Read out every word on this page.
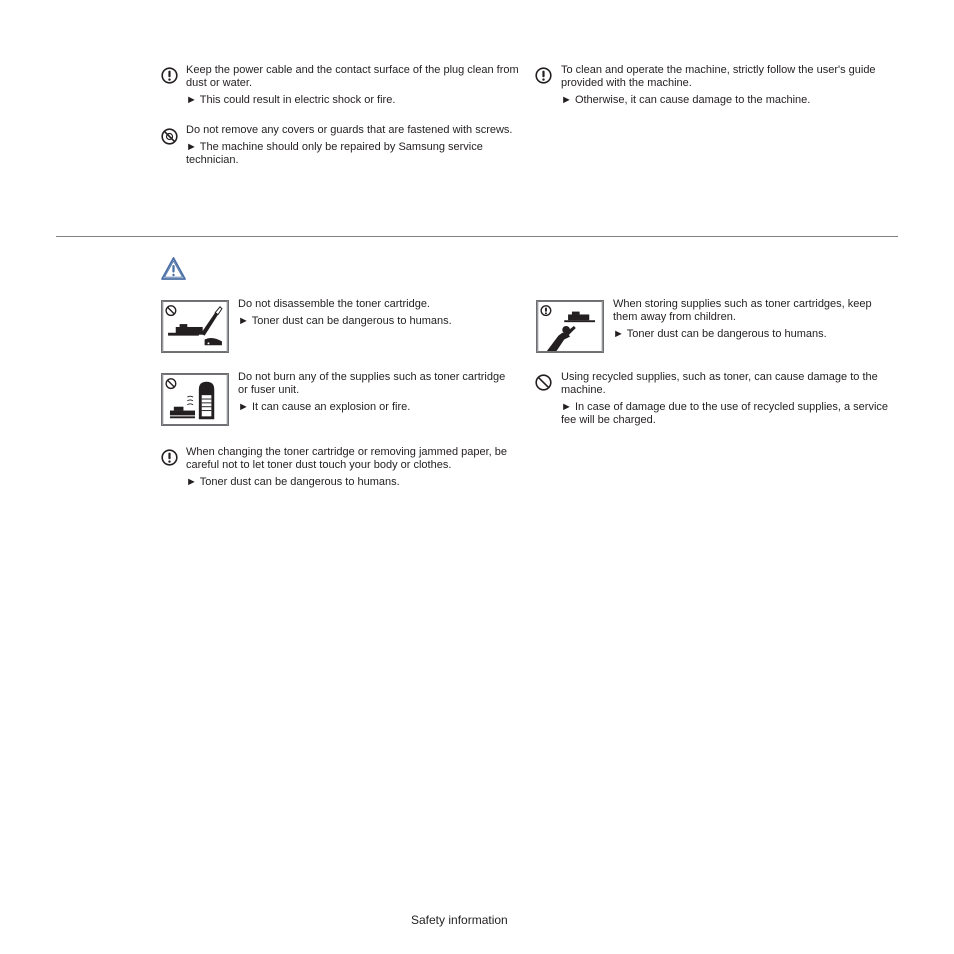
Keep the power cable and the contact surface of the plug clean from dust or water.

► This could result in electric shock or fire.

Do not remove any covers or guards that are fastened with screws.

► The machine should only be repaired by Samsung service technician.

To clean and operate the machine, strictly follow the user's guide provided with the machine.

► Otherwise, it can cause damage to the machine.

Do not disassemble the toner cartridge.

► Toner dust can be dangerous to humans.

Do not burn any of the supplies such as toner cartridge or fuser unit.

► It can cause an explosion or fire.

When changing the toner cartridge or removing jammed paper, be careful not to let toner dust touch your body or clothes.

► Toner dust can be dangerous to humans.

When storing supplies such as toner cartridges, keep them away from children.

► Toner dust can be dangerous to humans.

Using recycled supplies, such as toner, can cause damage to the machine.

► In case of damage due to the use of recycled supplies, a service fee will be charged.

Safety information
